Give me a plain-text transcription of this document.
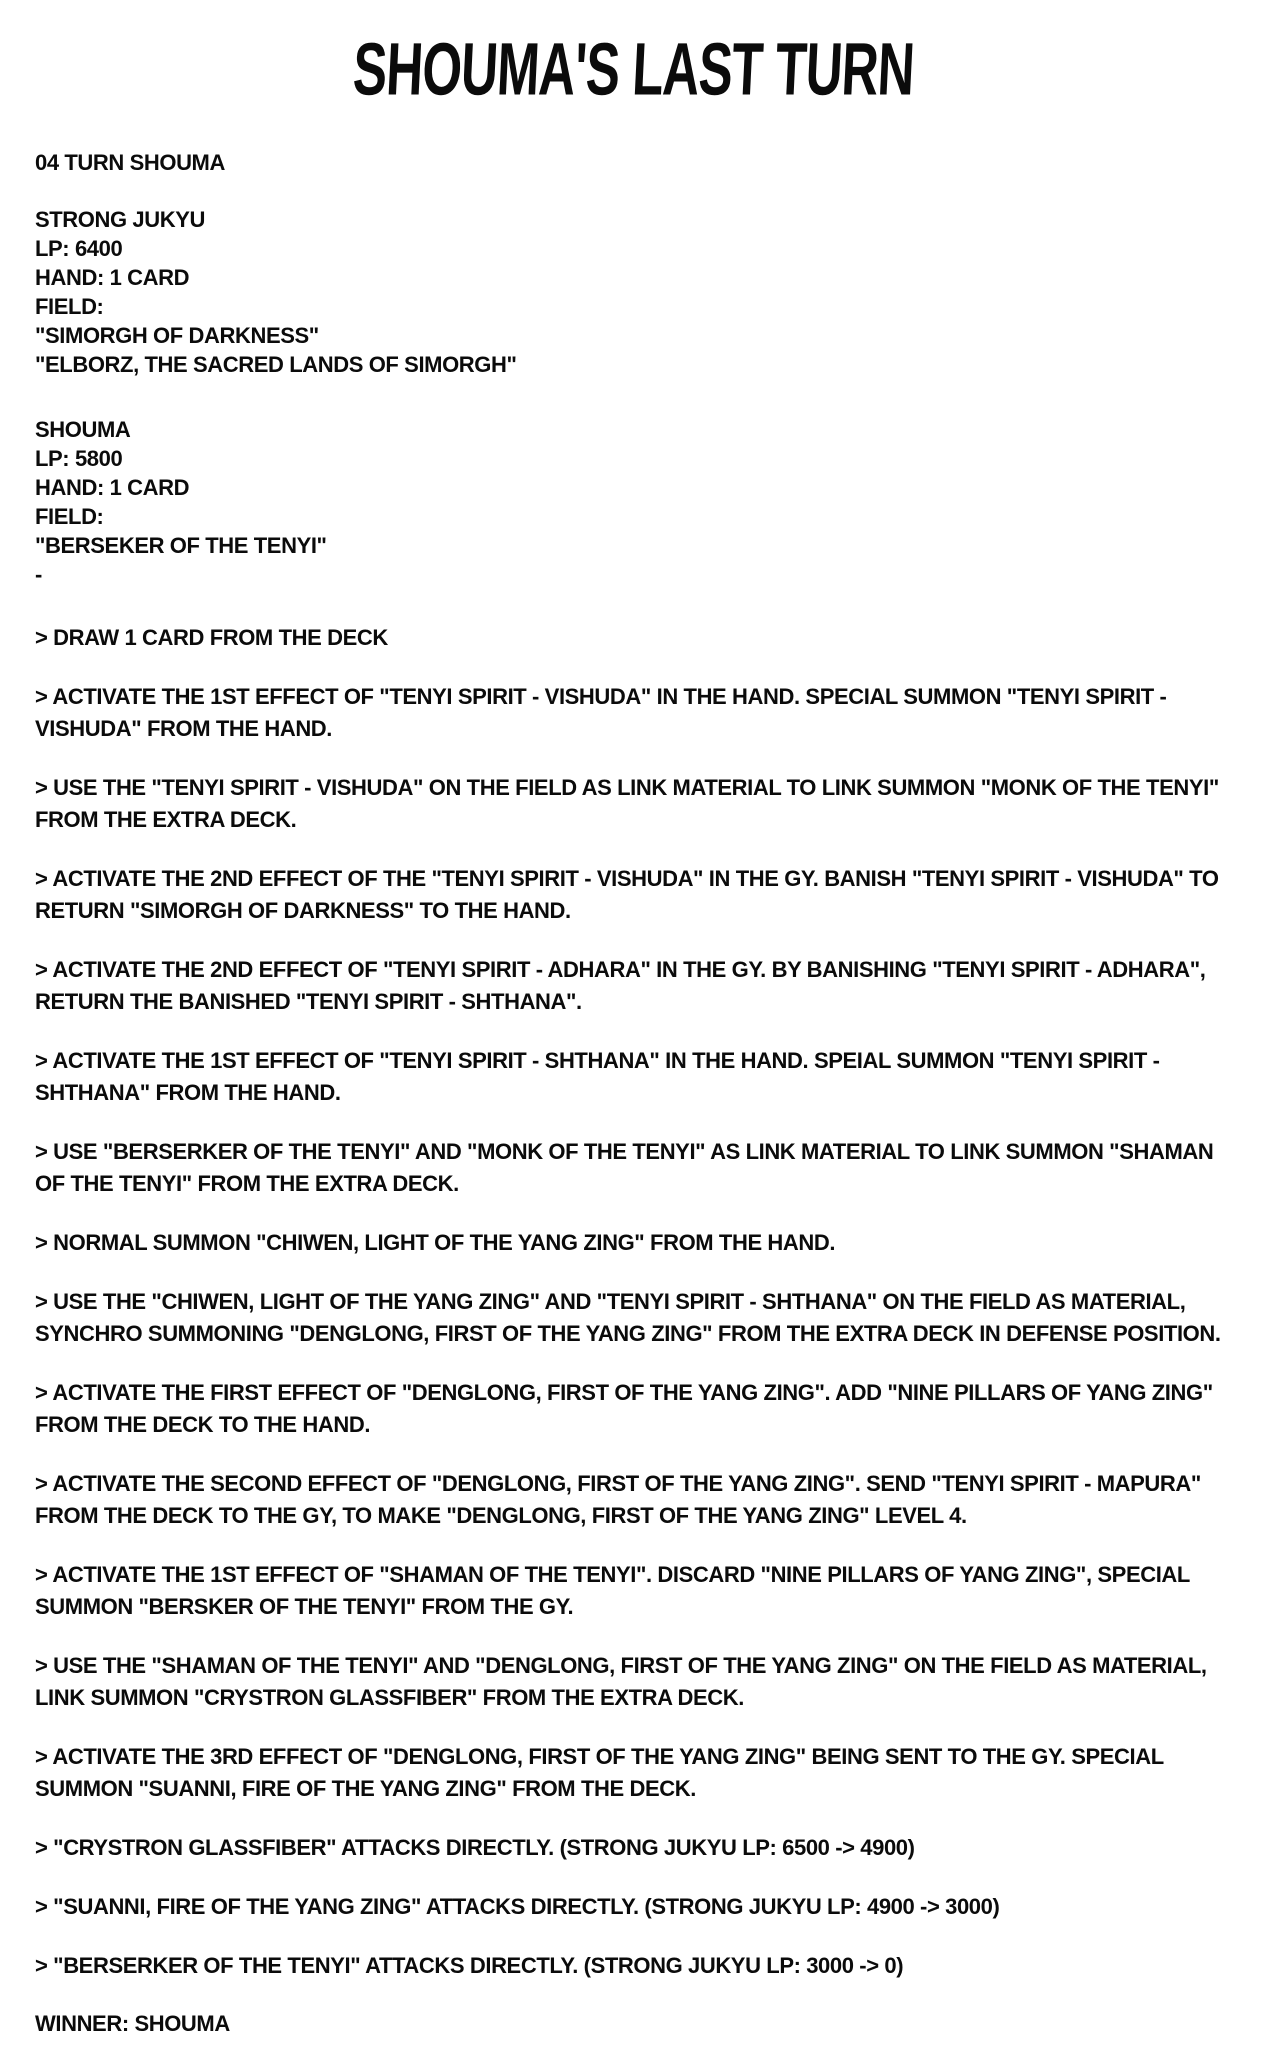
SHOUMA'S LAST TURN

04 TURN SHOUMA

STRONG JUKYU

LP: 6400

HAND: 1 CARD

FIELD:

"SIMORGH OF DARKNESS"

"ELBORZ, THE SACRED LANDS OF SIMORGH"

SHOUMA

LP: 5800

HAND: 1 CARD

FIELD:

"BERSEKER OF THE TENYI"

-

> DRAW 1 CARD FROM THE DECK

> ACTIVATE THE 1ST EFFECT OF "TENYI SPIRIT - VISHUDA" IN THE HAND. SPECIAL SUMMON "TENYI SPIRIT - VISHUDA" FROM THE HAND.

> USE THE "TENYI SPIRIT - VISHUDA" ON THE FIELD AS LINK MATERIAL TO LINK SUMMON "MONK OF THE TENYI" FROM THE EXTRA DECK.

> ACTIVATE THE 2ND EFFECT OF THE "TENYI SPIRIT - VISHUDA" IN THE GY. BANISH "TENYI SPIRIT - VISHUDA" TO RETURN "SIMORGH OF DARKNESS" TO THE HAND.

> ACTIVATE THE 2ND EFFECT OF "TENYI SPIRIT - ADHARA" IN THE GY. BY BANISHING "TENYI SPIRIT - ADHARA", RETURN THE BANISHED "TENYI SPIRIT - SHTHANA".

> ACTIVATE THE 1ST EFFECT OF "TENYI SPIRIT - SHTHANA" IN THE HAND. SPEIAL SUMMON "TENYI SPIRIT - SHTHANA" FROM THE HAND.

> USE "BERSERKER OF THE TENYI" AND "MONK OF THE TENYI" AS LINK MATERIAL TO LINK SUMMON "SHAMAN OF THE TENYI" FROM THE EXTRA DECK.

> NORMAL SUMMON "CHIWEN, LIGHT OF THE YANG ZING" FROM THE HAND.

> USE THE "CHIWEN, LIGHT OF THE YANG ZING" AND "TENYI SPIRIT - SHTHANA" ON THE FIELD AS MATERIAL, SYNCHRO SUMMONING "DENGLONG, FIRST OF THE YANG ZING" FROM THE EXTRA DECK IN DEFENSE POSITION.

> ACTIVATE THE FIRST EFFECT OF "DENGLONG, FIRST OF THE YANG ZING". ADD "NINE PILLARS OF YANG ZING" FROM THE DECK TO THE HAND.

> ACTIVATE THE SECOND EFFECT OF "DENGLONG, FIRST OF THE YANG ZING". SEND "TENYI SPIRIT - MAPURA" FROM THE DECK TO THE GY, TO MAKE "DENGLONG, FIRST OF THE YANG ZING" LEVEL 4.

> ACTIVATE THE 1ST EFFECT OF "SHAMAN OF THE TENYI". DISCARD "NINE PILLARS OF YANG ZING", SPECIAL SUMMON "BERSKER OF THE TENYI" FROM THE GY.

> USE THE "SHAMAN OF THE TENYI" AND "DENGLONG, FIRST OF THE YANG ZING" ON THE FIELD AS MATERIAL, LINK SUMMON "CRYSTRON GLASSFIBER" FROM THE EXTRA DECK.

> ACTIVATE THE 3RD EFFECT OF "DENGLONG, FIRST OF THE YANG ZING" BEING SENT TO THE GY. SPECIAL SUMMON "SUANNI, FIRE OF THE YANG ZING" FROM THE DECK.

> "CRYSTRON GLASSFIBER" ATTACKS DIRECTLY. (STRONG JUKYU LP: 6500 -> 4900)

> "SUANNI, FIRE OF THE YANG ZING" ATTACKS DIRECTLY. (STRONG JUKYU LP: 4900 -> 3000)

> "BERSERKER OF THE TENYI" ATTACKS DIRECTLY. (STRONG JUKYU LP: 3000 -> 0)

WINNER: SHOUMA
